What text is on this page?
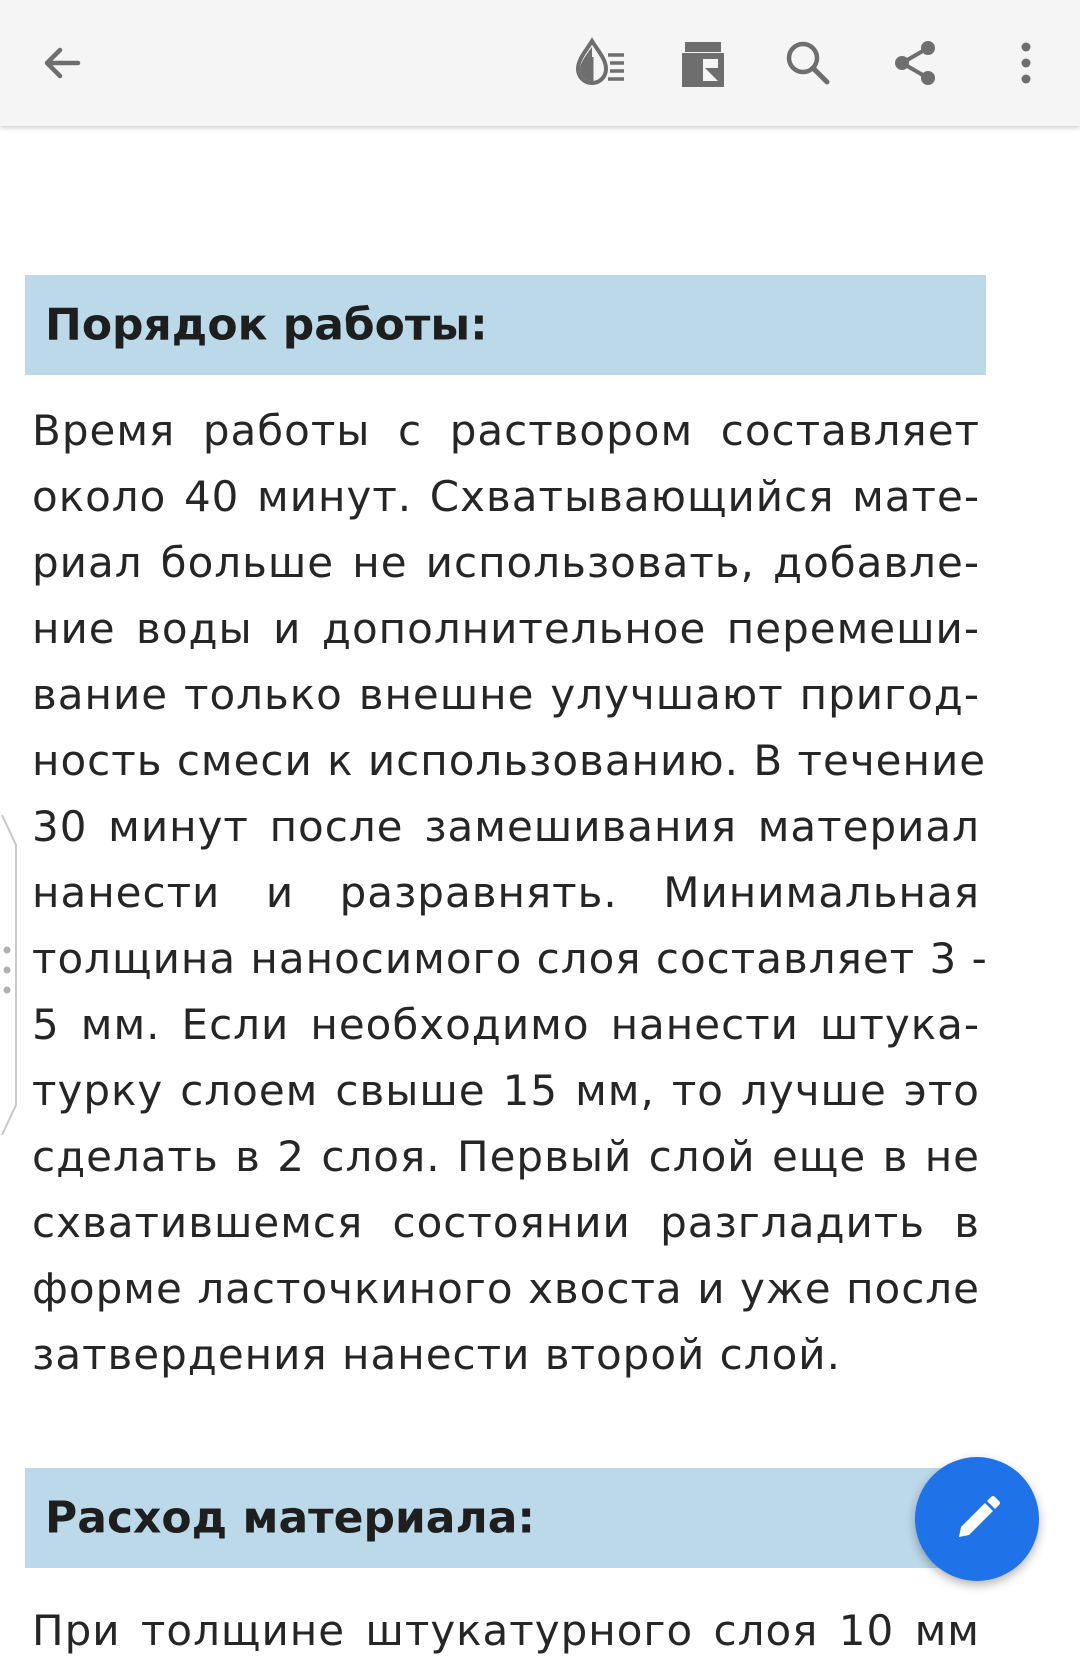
Порядок работы:
Время работы с раствором составляет
около 40 минут. Схватывающийся мате-
риал больше не использовать, добавле-
ние воды и дополнительное перемеши-
вание только внешне улучшают пригод-
ность смеси к использованию. В течение
30 минут после замешивания материал
нанести и разравнять. Минимальная
толщина наносимого слоя составляет 3 -
5 мм. Если необходимо нанести штука-
турку слоем свыше 15 мм, то лучше это
сделать в 2 слоя. Первый слой еще в не
схватившемся состоянии разгладить в
форме ласточкиного хвоста и уже после
затвердения нанести второй слой.
Расход материала:
При толщине штукатурного слоя 10 мм
